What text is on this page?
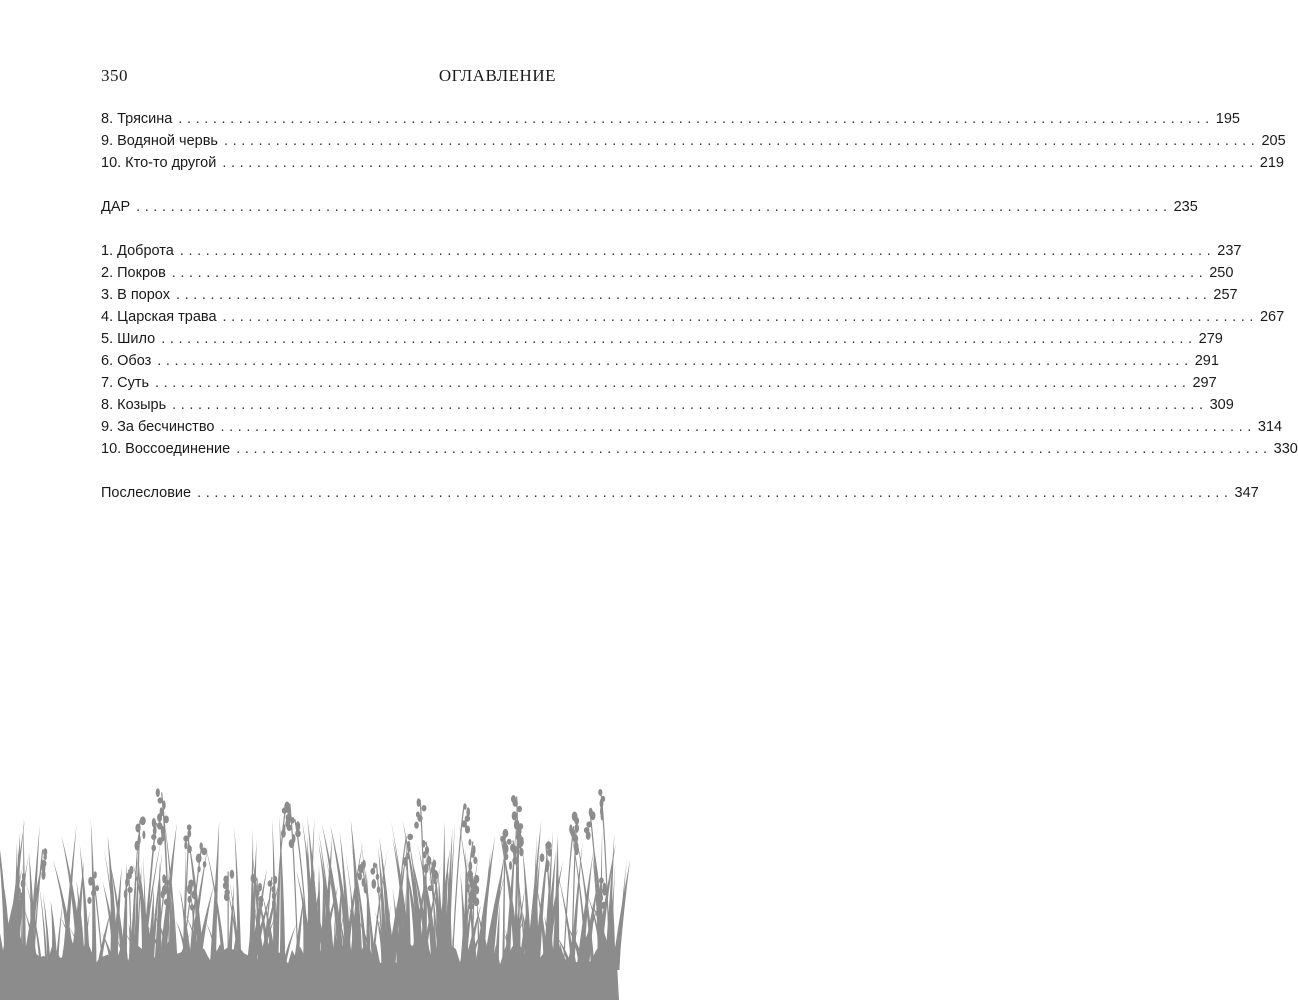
350	ОГЛАВЛЕНИЕ
8. Трясина ........................................................................................................................ 195
9. Водяной червь ........................................................................................................................ 205
10. Кто-то другой ........................................................................................................................ 219
ДАР ........................................................................................................................ 235
1. Доброта ........................................................................................................................ 237
2. Покров ........................................................................................................................ 250
3. В порох ........................................................................................................................ 257
4. Царская трава ........................................................................................................................ 267
5. Шило ........................................................................................................................ 279
6. Обоз ........................................................................................................................ 291
7. Суть ........................................................................................................................ 297
8. Козырь ........................................................................................................................ 309
9. За бесчинство ........................................................................................................................ 314
10. Воссоединение ........................................................................................................................ 330
Послесловие ........................................................................................................................ 347
